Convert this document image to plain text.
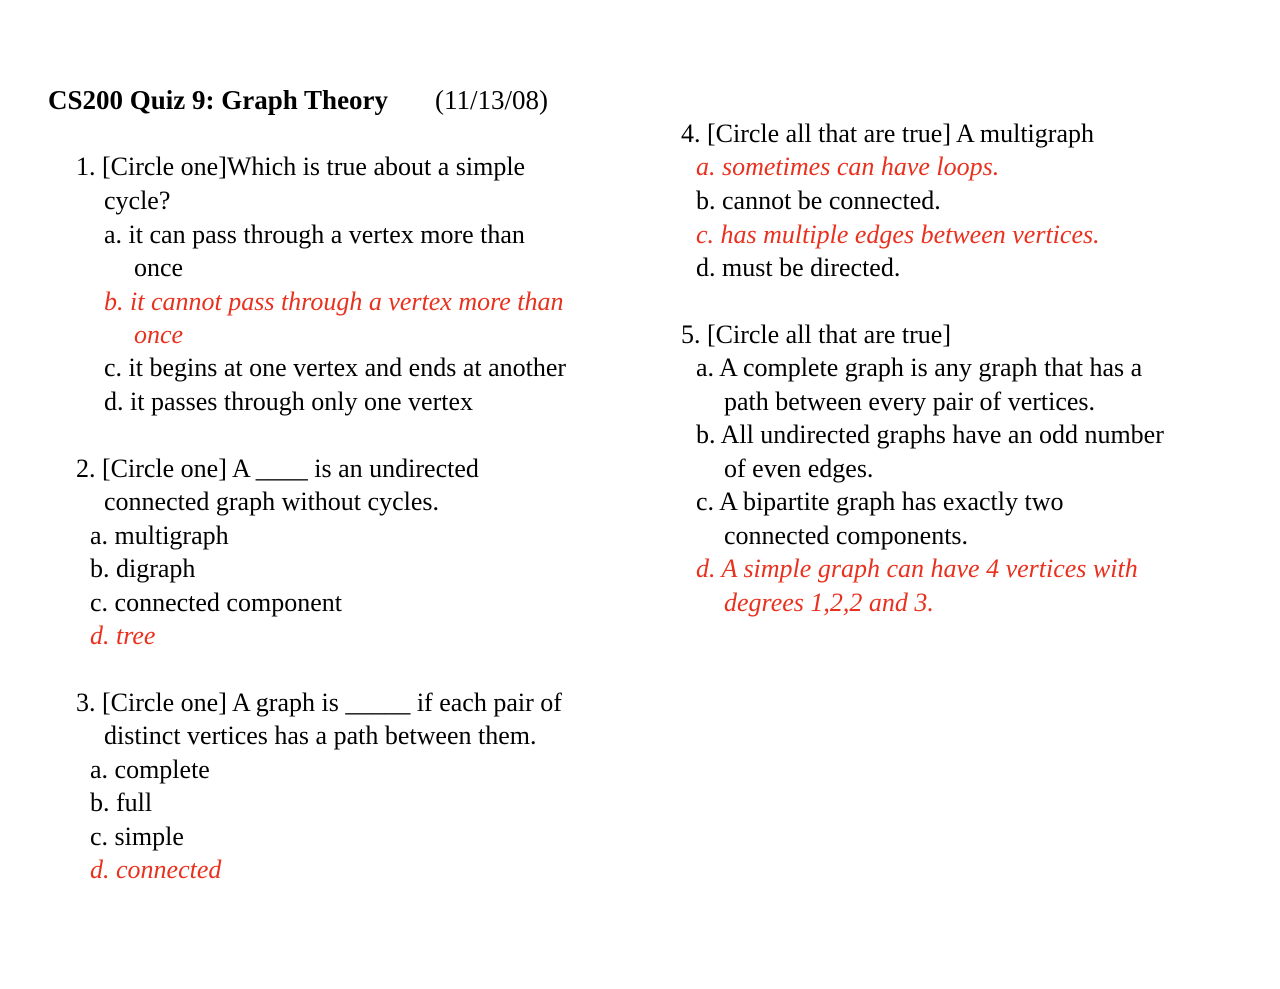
CS200 Quiz 9: Graph Theory (11/13/08)
1. [Circle one]Which is true about a simple
cycle?
a. it can pass through a vertex more than
once
b. it cannot pass through a vertex more than
once
c. it begins at one vertex and ends at another
d. it passes through only one vertex
2. [Circle one] A ____ is an undirected
connected graph without cycles.
a. multigraph
b. digraph
c. connected component
d. tree
3. [Circle one] A graph is _____ if each pair of
distinct vertices has a path between them.
a. complete
b. full
c. simple
d. connected
4. [Circle all that are true] A multigraph
a. sometimes can have loops.
b. cannot be connected.
c. has multiple edges between vertices.
d. must be directed.
5. [Circle all that are true]
a. A complete graph is any graph that has a
path between every pair of vertices.
b. All undirected graphs have an odd number
of even edges.
c. A bipartite graph has exactly two
connected components.
d. A simple graph can have 4 vertices with
degrees 1,2,2 and 3.
